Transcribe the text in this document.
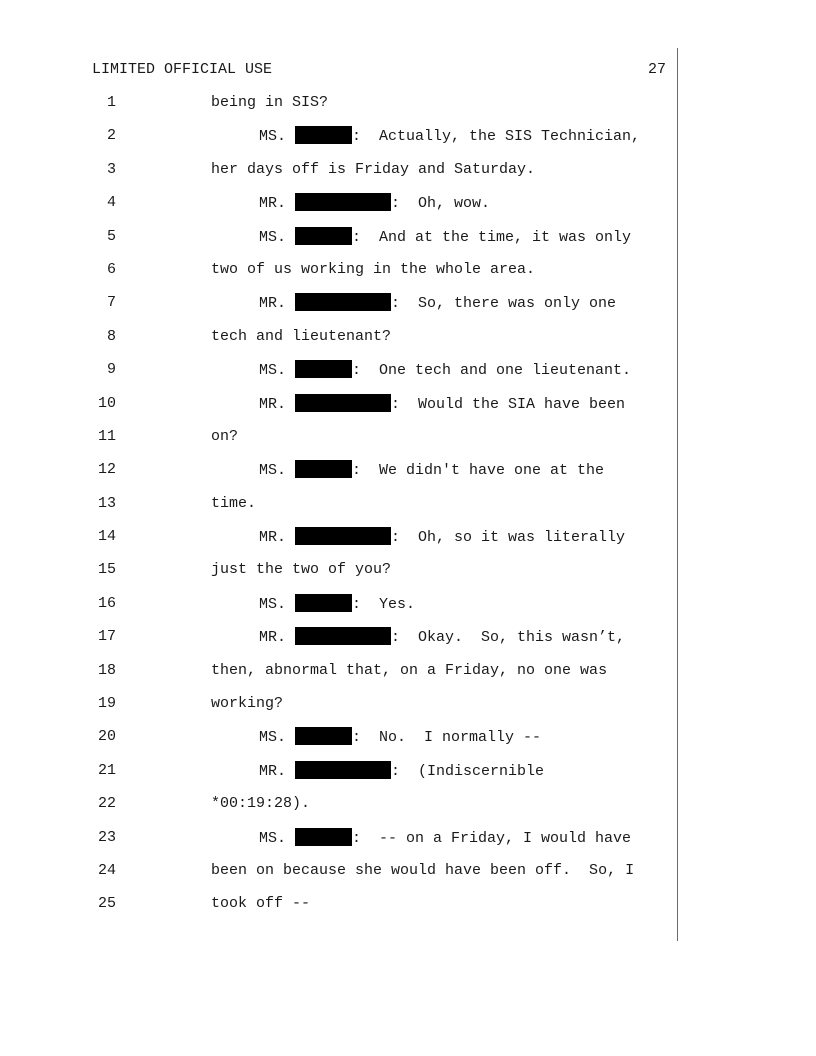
LIMITED OFFICIAL USE	27
1	being in SIS?
2	MS.	:  Actually, the SIS Technician,
3	her days off is Friday and Saturday.
4	MR.	:  Oh, wow.
5	MS.	:  And at the time, it was only
6	two of us working in the whole area.
7	MR.	:  So, there was only one
8	tech and lieutenant?
9	MS.	:  One tech and one lieutenant.
10	MR.	:  Would the SIA have been
11	on?
12	MS.	:  We didn't have one at the
13	time.
14	MR.	:  Oh, so it was literally
15	just the two of you?
16	MS.	:  Yes.
17	MR.	:  Okay.  So, this wasn’t,
18	then, abnormal that, on a Friday, no one was
19	working?
20	MS.	:  No.  I normally --
21	MR.	:  (Indiscernible
22	*00:19:28).
23	MS.	:  -- on a Friday, I would have
24	been on because she would have been off.  So, I
25	took off --
